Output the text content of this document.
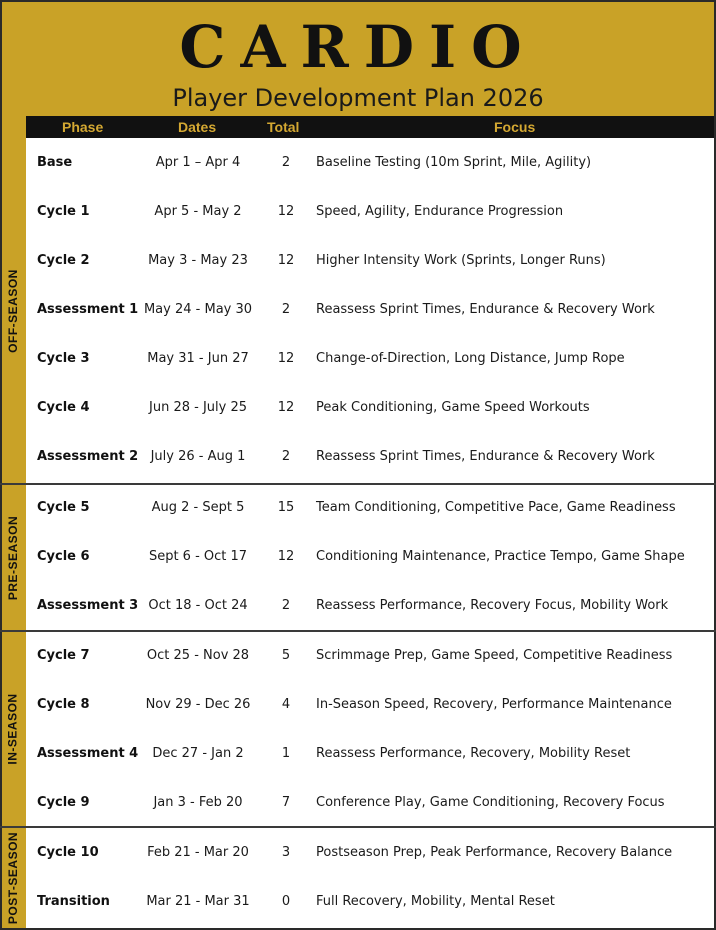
CARDIO
Player Development Plan 2026
Phase	Dates	Total	Focus
OFF-SEASON
PRE-SEASON
IN-SEASON
POST-SEASON
Base	Apr 1 – Apr 4	2	Baseline Testing (10m Sprint, Mile, Agility)
Cycle 1	Apr 5 - May 2	12	Speed, Agility, Endurance Progression
Cycle 2	May 3 - May 23	12	Higher Intensity Work (Sprints, Longer Runs)
Assessment 1 May 24 - May 30	2	Reassess Sprint Times, Endurance & Recovery Work
Cycle 3	May 31 - Jun 27	12	Change-of-Direction, Long Distance, Jump Rope
Cycle 4	Jun 28 - July 25	12	Peak Conditioning, Game Speed Workouts
Assessment 2 July 26 - Aug 1	2	Reassess Sprint Times, Endurance & Recovery Work
Cycle 5	Aug 2 - Sept 5	15	Team Conditioning, Competitive Pace, Game Readiness
Cycle 6	Sept 6 - Oct 17	12	Conditioning Maintenance, Practice Tempo, Game Shape
Assessment 3 Oct 18 - Oct 24	2	Reassess Performance, Recovery Focus, Mobility Work
Cycle 7	Oct 25 - Nov 28	5	Scrimmage Prep, Game Speed, Competitive Readiness
Cycle 8	Nov 29 - Dec 26	4	In-Season Speed, Recovery, Performance Maintenance
Assessment 4	Dec 27 - Jan 2	1	Reassess Performance, Recovery, Mobility Reset
Cycle 9	Jan 3 - Feb 20	7	Conference Play, Game Conditioning, Recovery Focus
Cycle 10	Feb 21 - Mar 20	3	Postseason Prep, Peak Performance, Recovery Balance
Transition	Mar 21 - Mar 31	0	Full Recovery, Mobility, Mental Reset
